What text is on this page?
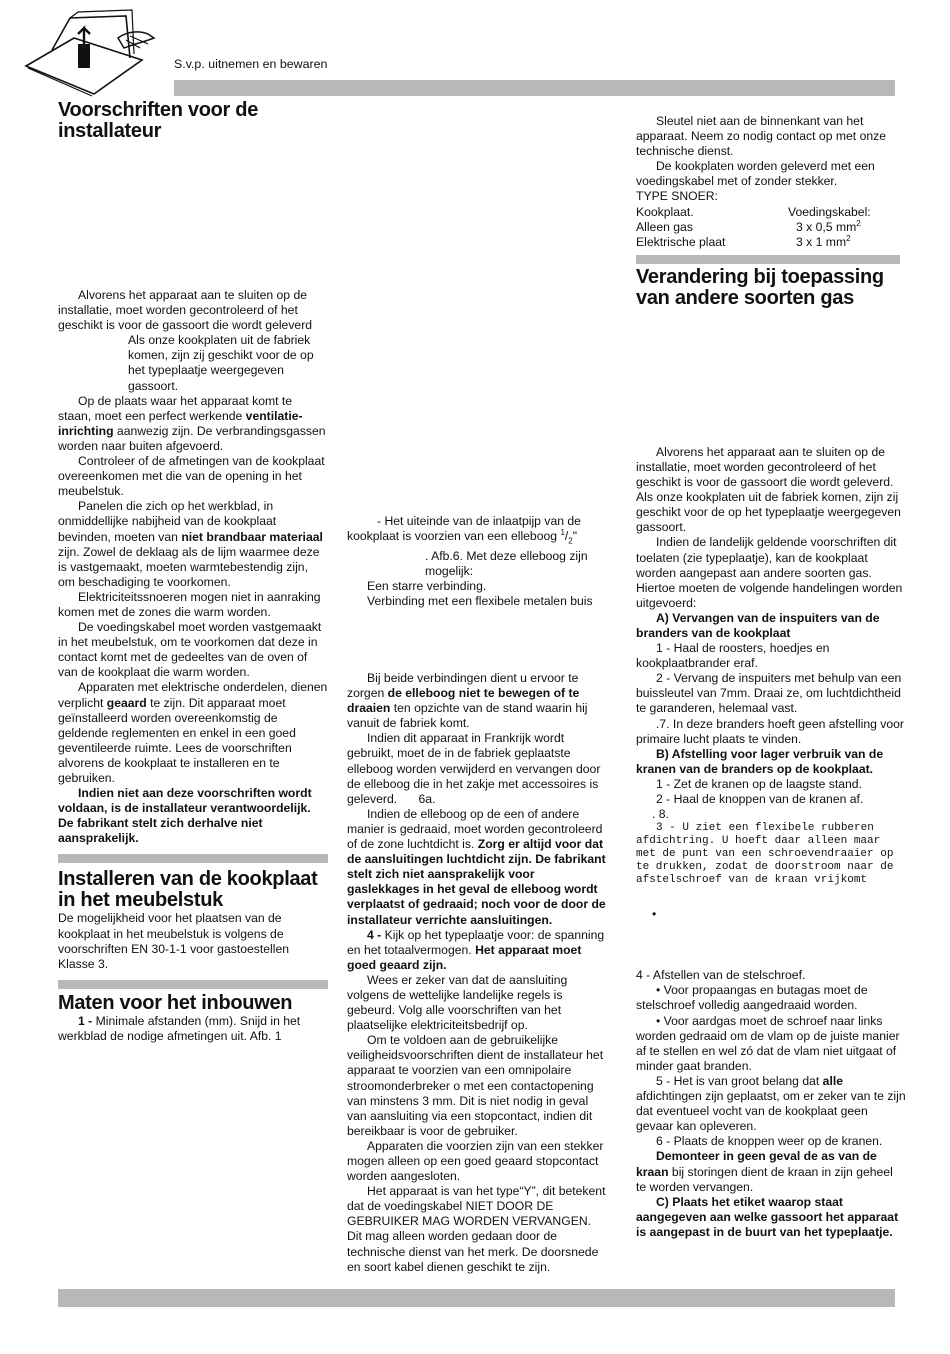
S.v.p. uitnemen en bewaren
Voorschriften voor de installateur

Alvorens het apparaat aan te sluiten op de installatie, moet worden gecontroleerd of het geschikt is voor de gassoort die wordt geleverd

Als onze kookplaten uit de fabriek komen, zijn zij geschikt voor de op het typeplaatje weergegeven gassoort.

Op de plaats waar het apparaat komt te staan, moet een perfect werkende ventilatie-inrichting aanwezig zijn. De verbrandingsgassen worden naar buiten afgevoerd.

Controleer of de afmetingen van de kookplaat overeenkomen met die van de opening in het meubelstuk.

Panelen die zich op het werkblad, in onmiddellijke nabijheid van de kookplaat bevinden, moeten van niet brandbaar materiaal zijn. Zowel de deklaag als de lijm waarmee deze is vastgemaakt, moeten warmtebestendig zijn, om beschadiging te voorkomen.

Elektriciteitssnoeren mogen niet in aanraking komen met de zones die warm worden.

De voedingskabel moet worden vastgemaakt in het meubelstuk, om te voorkomen dat deze in contact komt met de gedeeltes van de oven of van de kookplaat die warm worden.

Apparaten met elektrische onderdelen, dienen verplicht geaard te zijn. Dit apparaat moet geïnstalleerd worden overeenkomstig de geldende reglementen en enkel in een goed geventileerde ruimte. Lees de voorschriften alvorens de kookplaat te installeren en te gebruiken.

Indien niet aan deze voorschriften wordt voldaan, is de installateur verantwoordelijk. De fabrikant stelt zich derhalve niet aansprakelijk.

Installeren van de kookplaat in het meubelstuk

De mogelijkheid voor het plaatsen van de kookplaat in het meubelstuk is volgens de voorschriften EN 30-1-1 voor gastoestellen Klasse 3.

Maten voor het inbouwen

1 - Minimale afstanden (mm). Snijd in het werkblad de nodige afmetingen uit. Afb. 1

- Het uiteinde van de inlaatpijp van de kookplaat is voorzien van een elleboog $^1/_2$"

. Afb.6. Met deze elleboog zijn mogelijk:

Een starre verbinding.

Verbinding met een flexibele metalen buis

Bij beide verbindingen dient u ervoor te zorgen de elleboog niet te bewegen of te draaien ten opzichte van de stand waarin hij vanuit de fabriek komt.

Indien dit apparaat in Frankrijk wordt gebruikt, moet de in de fabriek geplaatste elleboog worden verwijderd en vervangen door de elleboog die in het zakje met accessoires is geleverd. 6a.

Indien de elleboog op de een of andere manier is gedraaid, moet worden gecontroleerd of de zone luchtdicht is. Zorg er altijd voor dat de aansluitingen luchtdicht zijn. De fabrikant stelt zich niet aansprakelijk voor gaslekkages in het geval de elleboog wordt verplaatst of gedraaid; noch voor de door de installateur verrichte aansluitingen.

4 - Kijk op het typeplaatje voor: de spanning en het totaalvermogen. Het apparaat moet goed geaard zijn.

Wees er zeker van dat de aansluiting volgens de wettelijke landelijke regels is gebeurd. Volg alle voorschriften van het plaatselijke elektriciteitsbedrijf op.

Om te voldoen aan de gebruikelijke veiligheidsvoorschriften dient de installateur het apparaat te voorzien van een omnipolaire stroomonderbreker o met een contactopening van minstens 3 mm. Dit is niet nodig in geval van aansluiting via een stopcontact, indien dit bereikbaar is voor de gebruiker.

Apparaten die voorzien zijn van een stekker mogen alleen op een goed geaard stopcontact worden aangesloten.

Het apparaat is van het type“Y”, dit betekent dat de voedingskabel NIET DOOR DE GEBRUIKER MAG WORDEN VERVANGEN. Dit mag alleen worden gedaan door de technische dienst van het merk. De doorsnede en soort kabel dienen geschikt te zijn.

Sleutel niet aan de binnenkant van het apparaat. Neem zo nodig contact op met onze technische dienst.

De kookplaten worden geleverd met een voedingskabel met of zonder stekker.

TYPE SNOER:

Kookplaat.	Voedingskabel:
Alleen gas	3 x 0,5 $mm^2$
Elektrische plaat	3 x 1 $mm^2$
Verandering bij toepassing van andere soorten gas

Alvorens het apparaat aan te sluiten op de installatie, moet worden gecontroleerd of het geschikt is voor de gassoort die wordt geleverd. Als onze kookplaten uit de fabriek komen, zijn zij geschikt voor de op het typeplaatje weergegeven gassoort.

Indien de landelijk geldende voorschriften dit toelaten (zie typeplaatje), kan de kookplaat worden aangepast aan andere soorten gas. Hiertoe moeten de volgende handelingen worden uitgevoerd:

A) Vervangen van de inspuiters van de branders van de kookplaat

1 - Haal de roosters, hoedjes en kookplaatbrander eraf.

2 - Vervang de inspuiters met behulp van een buissleutel van 7mm. Draai ze, om luchtdichtheid te garanderen, helemaal vast.

.7. In deze branders hoeft geen afstelling voor primaire lucht plaats te vinden.

B) Afstelling voor lager verbruik van de kranen van de branders op de kookplaat.

1 - Zet de kranen op de laagste stand.

2 - Haal de knoppen van de kranen af.

. 8.

3 - U ziet een flexibele rubberen afdichtring. U hoeft daar alleen maar met de punt van een schroevendraaier op te drukken, zodat de doorstroom naar de afstelschroef van de kraan vrijkomt

•

4 - Afstellen van de stelschroef.

• Voor propaangas en butagas moet de stelschroef volledig aangedraaid worden.

• Voor aardgas moet de schroef naar links worden gedraaid om de vlam op de juiste manier af te stellen en wel zó dat de vlam niet uitgaat of minder gaat branden.

5 - Het is van groot belang dat alle afdichtingen zijn geplaatst, om er zeker van te zijn dat eventueel vocht van de kookplaat geen gevaar kan opleveren.

6 - Plaats de knoppen weer op de kranen.

Demonteer in geen geval de as van de kraan bij storingen dient de kraan in zijn geheel te worden vervangen.

C) Plaats het etiket waarop staat aangegeven aan welke gassoort het apparaat is aangepast in de buurt van het typeplaatje.
